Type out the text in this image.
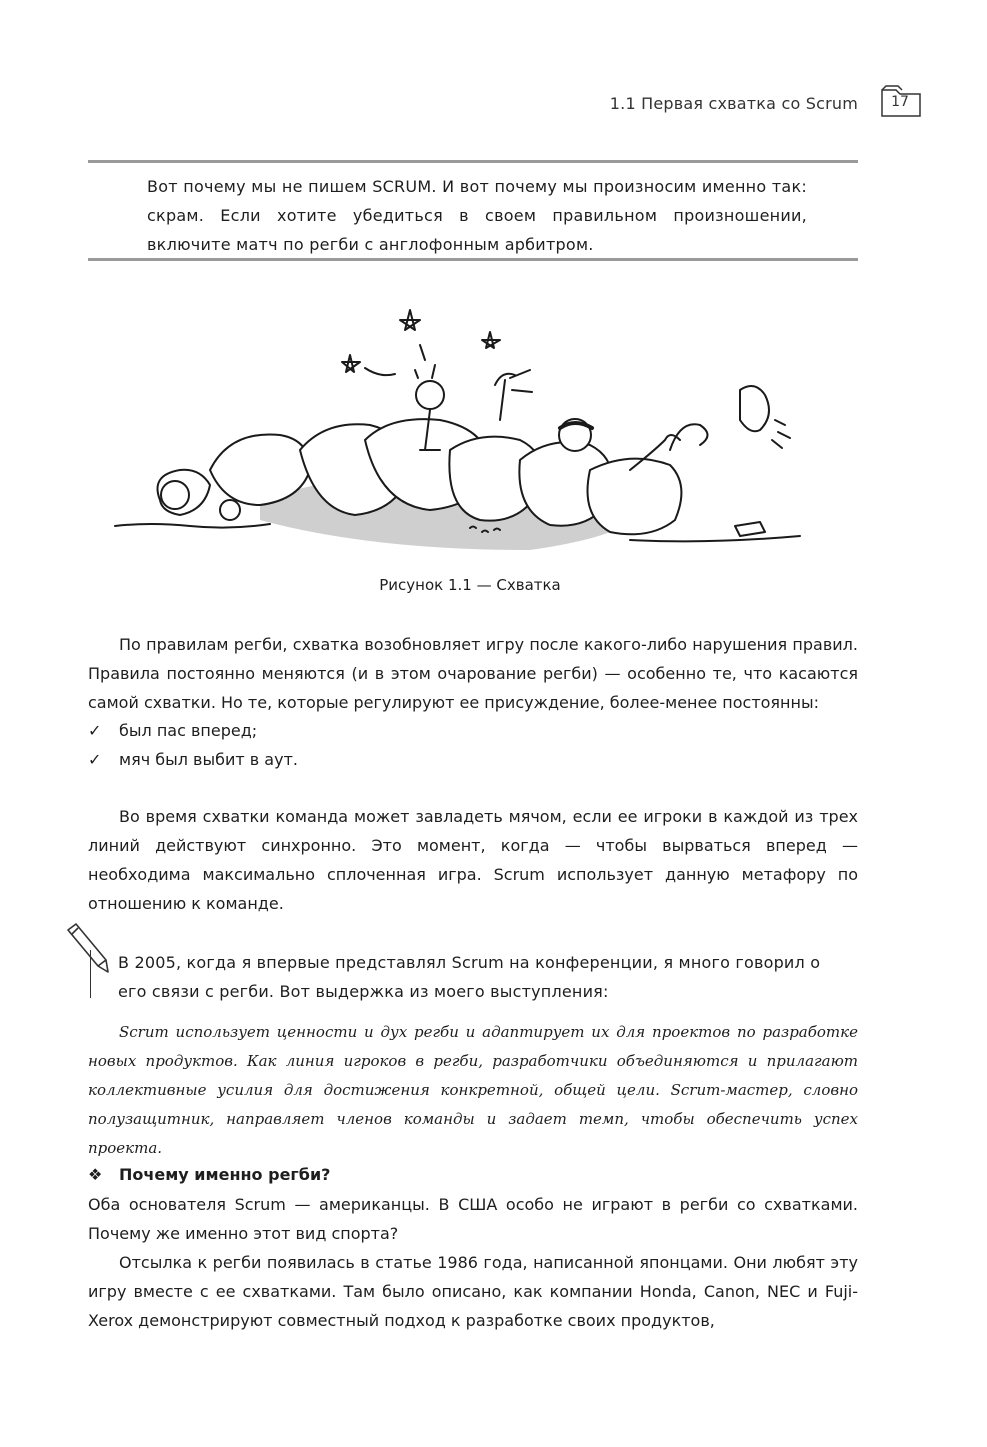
1.1 Первая схватка со Scrum	17
Вот почему мы не пишем SCRUM. И вот почему мы произносим именно так: скрам. Если хотите убедиться в своем правильном произношении, включите матч по регби с англофонным арбитром.
Рисунок 1.1 — Схватка
По правилам регби, схватка возобновляет игру после какого-либо нарушения правил. Правила постоянно меняются (и в этом очарование регби) — особенно те, что касаются самой схватки. Но те, которые регулируют ее присуждение, более-менее постоянны:
✓ был пас вперед;
✓ мяч был выбит в аут.
Во время схватки команда может завладеть мячом, если ее игроки в каждой из трех линий действуют синхронно. Это момент, когда — чтобы вырваться вперед — необходима максимально сплоченная игра. Scrum использует данную метафору по отношению к команде.
В 2005, когда я впервые представлял Scrum на конференции, я много говорил о его связи с регби. Вот выдержка из моего выступления:
Scrum использует ценности и дух регби и адаптирует их для проектов по разработке новых продуктов. Как линия игроков в регби, разработчики объединяются и прилагают коллективные усилия для достижения конкретной, общей цели. Scrum-мастер, словно полузащитник, направляет членов команды и задает темп, чтобы обеспечить успех проекта.
❖ Почему именно регби?
Оба основателя Scrum — американцы. В США особо не играют в регби со схватками. Почему же именно этот вид спорта?
Отсылка к регби появилась в статье 1986 года, написанной японцами. Они любят эту игру вместе с ее схватками. Там было описано, как компании Honda, Canon, NEC и Fuji-Xerox демонстрируют совместный подход к разработке своих продуктов,
